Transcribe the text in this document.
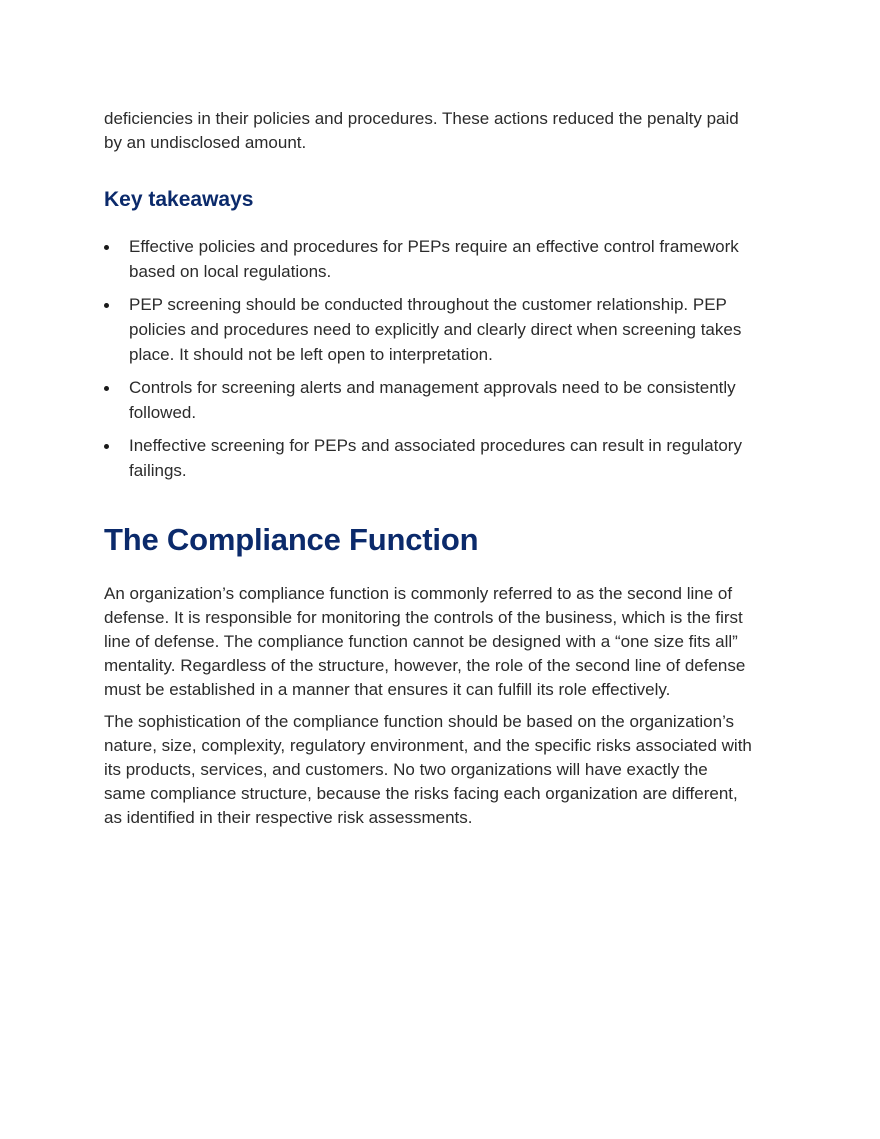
deficiencies in their policies and procedures. These actions reduced the penalty paid by an undisclosed amount.

Key takeaways
Effective policies and procedures for PEPs require an effective control framework based on local regulations.
PEP screening should be conducted throughout the customer relationship. PEP policies and procedures need to explicitly and clearly direct when screening takes place. It should not be left open to interpretation.
Controls for screening alerts and management approvals need to be consistently followed.
Ineffective screening for PEPs and associated procedures can result in regulatory failings.
The Compliance Function

An organization’s compliance function is commonly referred to as the second line of defense. It is responsible for monitoring the controls of the business, which is the first line of defense. The compliance function cannot be designed with a “one size fits all” mentality. Regardless of the structure, however, the role of the second line of defense must be established in a manner that ensures it can fulfill its role effectively.

The sophistication of the compliance function should be based on the organization’s nature, size, complexity, regulatory environment, and the specific risks associated with its products, services, and customers. No two organizations will have exactly the same compliance structure, because the risks facing each organization are different, as identified in their respective risk assessments.
